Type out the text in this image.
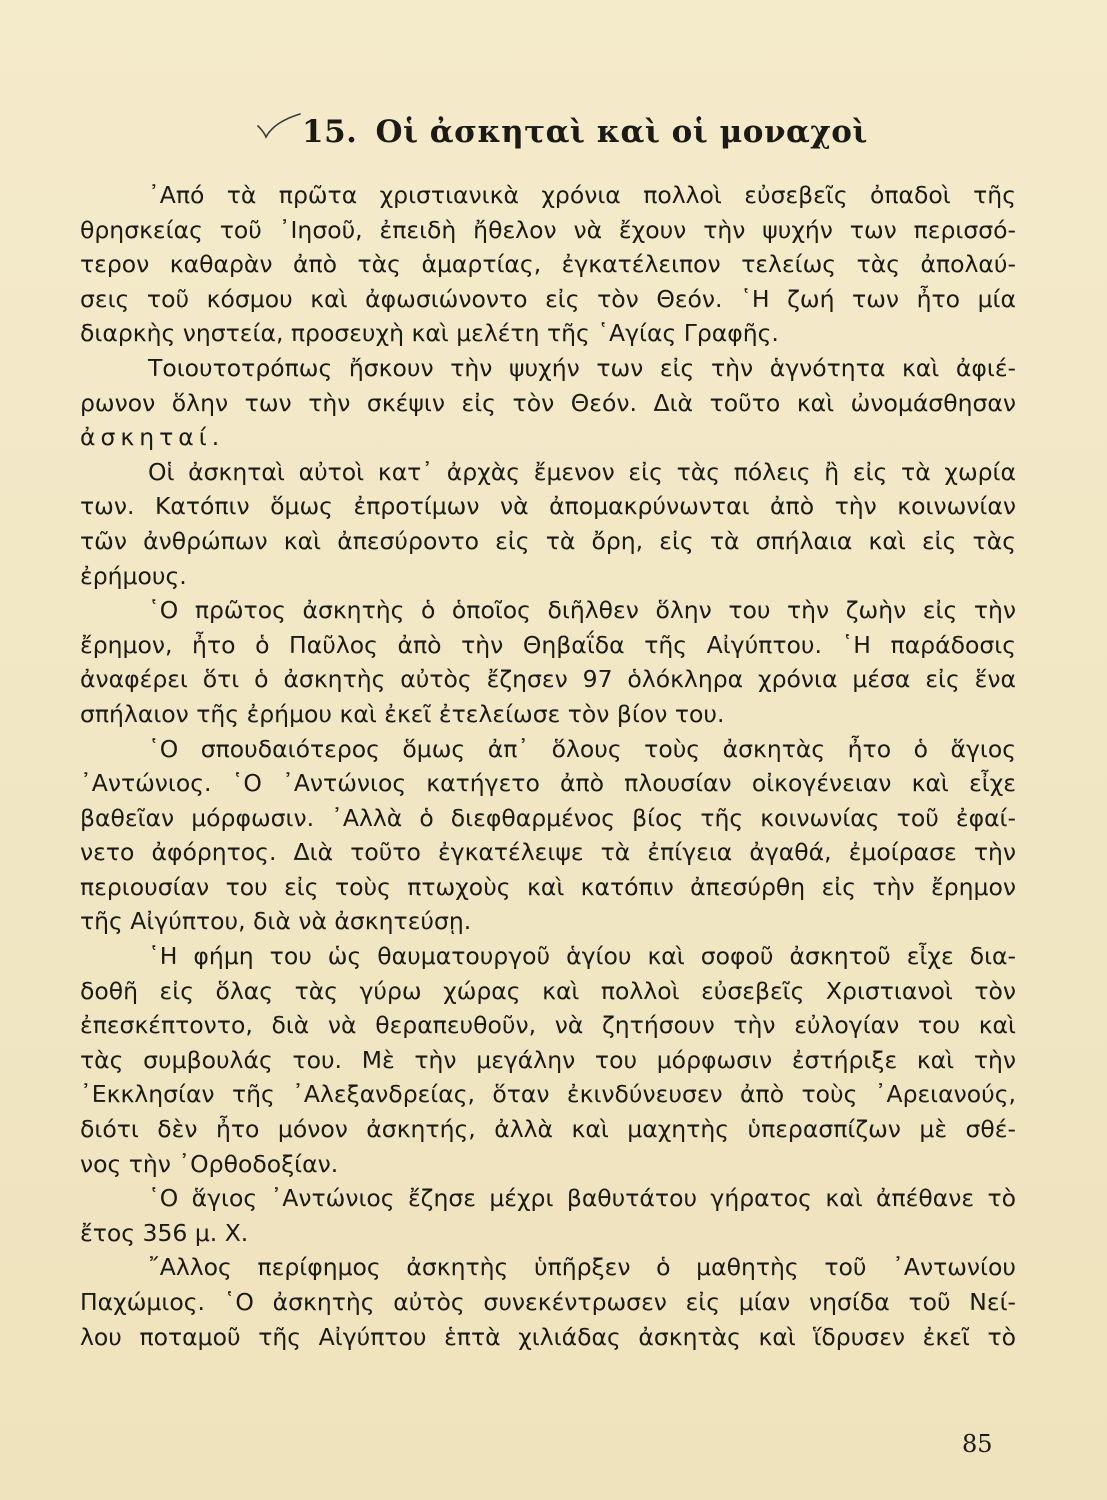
15. Οἱ ἀσκηταὶ καὶ οἱ μοναχοὶ

᾿Από τὰ πρῶτα χριστιανικὰ χρόνια πολλοὶ εὐσεβεῖς ὀπαδοὶ τῆς
θρησκείας τοῦ ᾿Ιησοῦ, ἐπειδὴ ἤθελον νὰ ἔχουν τὴν ψυχήν των περισσό-
τερον καθαρὰν ἀπὸ τὰς ἁμαρτίας, ἐγκατέλειπον τελείως τὰς ἀπολαύ-
σεις τοῦ κόσμου καὶ ἀφωσιώνοντο εἰς τὸν Θεόν. ῾Η ζωή των ἦτο μία
διαρκὴς νηστεία, προσευχὴ καὶ μελέτη τῆς ῾Αγίας Γραφῆς.

Τοιουτοτρόπως ἤσκουν τὴν ψυχήν των εἰς τὴν ἁγνότητα καὶ ἀφιέ-
ρωνον ὅλην των τὴν σκέψιν εἰς τὸν Θεόν. Διὰ τοῦτο καὶ ὠνομάσθησαν
ἀσκηταί.

Οἱ ἀσκηταὶ αὐτοὶ κατ᾿ ἀρχὰς ἔμενον εἰς τὰς πόλεις ἢ εἰς τὰ χωρία
των. Κατόπιν ὅμως ἐπροτίμων νὰ ἀπομακρύνωνται ἀπὸ τὴν κοινωνίαν
τῶν ἀνθρώπων καὶ ἀπεσύροντο εἰς τὰ ὄρη, εἰς τὰ σπήλαια καὶ εἰς τὰς
ἐρήμους.

῾Ο πρῶτος ἀσκητὴς ὁ ὁποῖος διῆλθεν ὅλην του τὴν ζωὴν εἰς τὴν
ἔρημον, ἦτο ὁ Παῦλος ἀπὸ τὴν Θηβαΐδα τῆς Αἰγύπτου. ῾Η παράδοσις
ἀναφέρει ὅτι ὁ ἀσκητὴς αὐτὸς ἔζησεν 97 ὁλόκληρα χρόνια μέσα εἰς ἕνα
σπήλαιον τῆς ἐρήμου καὶ ἐκεῖ ἐτελείωσε τὸν βίον του.

῾Ο σπουδαιότερος ὅμως ἀπ᾿ ὅλους τοὺς ἀσκητὰς ἦτο ὁ ἅγιος
᾿Αντώνιος. ῾Ο ᾿Αντώνιος κατήγετο ἀπὸ πλουσίαν οἰκογένειαν καὶ εἶχε
βαθεῖαν μόρφωσιν. ᾿Αλλὰ ὁ διεφθαρμένος βίος τῆς κοινωνίας τοῦ ἐφαί-
νετο ἀφόρητος. Διὰ τοῦτο ἐγκατέλειψε τὰ ἐπίγεια ἀγαθά, ἐμοίρασε τὴν
περιουσίαν του εἰς τοὺς πτωχοὺς καὶ κατόπιν ἀπεσύρθη εἰς τὴν ἔρημον
τῆς Αἰγύπτου, διὰ νὰ ἀσκητεύσῃ.

῾Η φήμη του ὡς θαυματουργοῦ ἁγίου καὶ σοφοῦ ἀσκητοῦ εἶχε δια-
δοθῆ εἰς ὅλας τὰς γύρω χώρας καὶ πολλοὶ εὐσεβεῖς Χριστιανοὶ τὸν
ἐπεσκέπτοντο, διὰ νὰ θεραπευθοῦν, νὰ ζητήσουν τὴν εὐλογίαν του καὶ
τὰς συμβουλάς του. Μὲ τὴν μεγάλην του μόρφωσιν ἐστήριξε καὶ τὴν
᾿Εκκλησίαν τῆς ᾿Αλεξανδρείας, ὅταν ἐκινδύνευσεν ἀπὸ τοὺς ᾿Αρειανούς,
διότι δὲν ἦτο μόνον ἀσκητής, ἀλλὰ καὶ μαχητὴς ὑπερασπίζων μὲ σθέ-
νος τὴν ᾿Ορθοδοξίαν.

῾Ο ἅγιος ᾿Αντώνιος ἔζησε μέχρι βαθυτάτου γήρατος καὶ ἀπέθανε τὸ
ἔτος 356 μ. Χ.

῎Αλλος περίφημος ἀσκητὴς ὑπῆρξεν ὁ μαθητὴς τοῦ ᾿Αντωνίου
Παχώμιος. ῾Ο ἀσκητὴς αὐτὸς συνεκέντρωσεν εἰς μίαν νησίδα τοῦ Νεί-
λου ποταμοῦ τῆς Αἰγύπτου ἑπτὰ χιλιάδας ἀσκητὰς καὶ ἵδρυσεν ἐκεῖ τὸ

85
